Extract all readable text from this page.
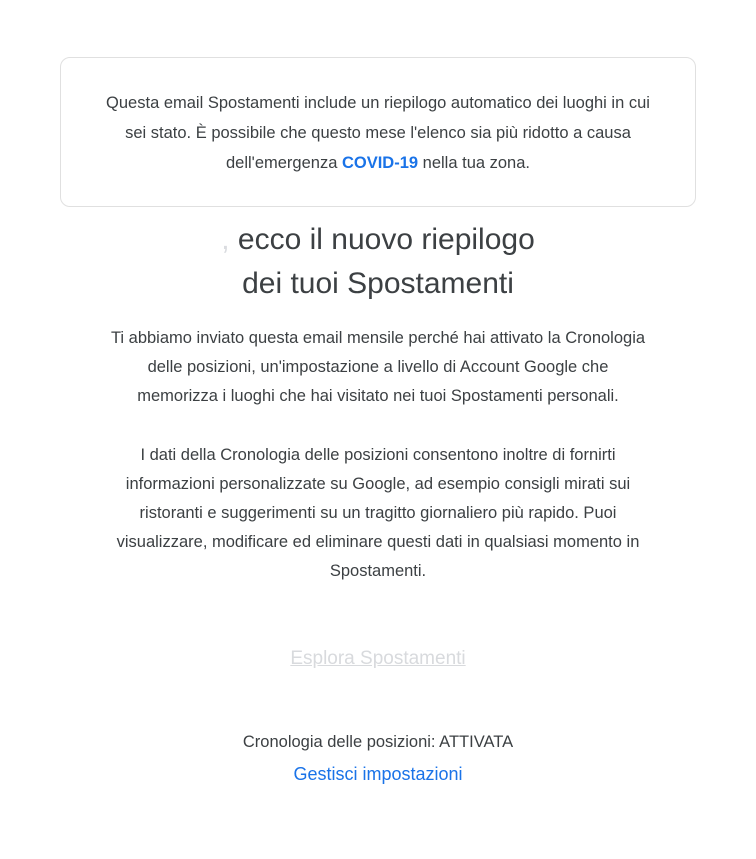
Questa email Spostamenti include un riepilogo automatico dei luoghi in cui sei stato. È possibile che questo mese l'elenco sia più ridotto a causa dell'emergenza COVID-19 nella tua zona.

, ecco il nuovo riepilogo
dei tuoi Spostamenti

Ti abbiamo inviato questa email mensile perché hai attivato la Cronologia delle posizioni, un'impostazione a livello di Account Google che memorizza i luoghi che hai visitato nei tuoi Spostamenti personali.

I dati della Cronologia delle posizioni consentono inoltre di fornirti informazioni personalizzate su Google, ad esempio consigli mirati sui ristoranti e suggerimenti su un tragitto giornaliero più rapido. Puoi visualizzare, modificare ed eliminare questi dati in qualsiasi momento in Spostamenti.

Esplora Spostamenti

Cronologia delle posizioni: ATTIVATA

Gestisci impostazioni
